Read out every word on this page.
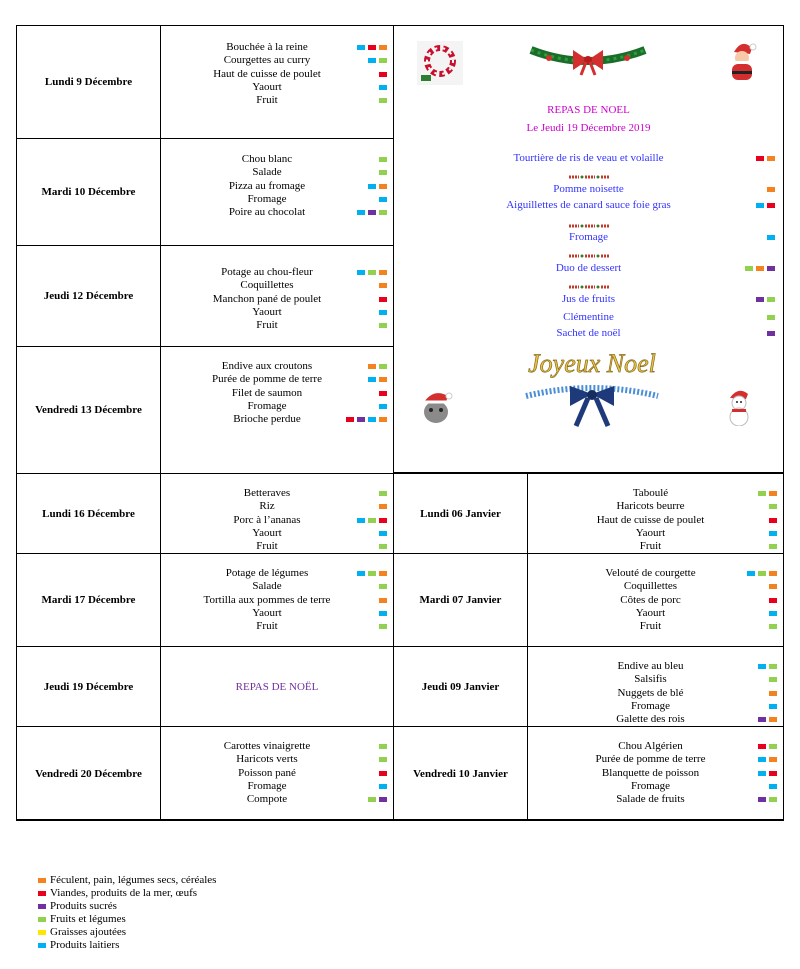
REPAS DE NOEL
Le Jeudi 19 Décembre 2019
Joyeux Noel
Tourtière de ris de veau et volaille
Pomme noisette
Aiguillettes de canard sauce foie gras
Fromage
Duo de dessert
Jus de fruits
Clémentine
Sachet de noël
Lundi 9 Décembre
Bouchée à la reine
Courgettes au curry
Haut de cuisse de poulet
Yaourt
Fruit
Mardi 10 Décembre
Chou blanc
Salade
Pizza au fromage
Fromage
Poire au chocolat
Jeudi 12 Décembre
Potage au chou-fleur
Coquillettes
Manchon pané de poulet
Yaourt
Fruit
Vendredi 13 Décembre
Endive aux croutons
Purée de pomme de terre
Filet de saumon
Fromage
Brioche perdue
Lundi 16 Décembre
Betteraves
Riz
Porc à l’ananas
Yaourt
Fruit
Mardi 17 Décembre
Potage de légumes
Salade
Tortilla aux pommes de terre
Yaourt
Fruit
Jeudi 19 Décembre	REPAS DE NOËL
Vendredi 20 Décembre
Carottes vinaigrette
Haricots verts
Poisson pané
Fromage
Compote
Lundi 06 Janvier
Taboulé
Haricots beurre
Haut de cuisse de poulet
Yaourt
Fruit
Mardi 07 Janvier
Velouté de courgette
Coquillettes
Côtes de porc
Yaourt
Fruit
Jeudi 09 Janvier
Endive au bleu
Salsifis
Nuggets de blé
Fromage
Galette des rois
Vendredi 10 Janvier
Chou Algérien
Purée de pomme de terre
Blanquette de poisson
Fromage
Salade de fruits
Féculent, pain, légumes secs, céréales
Viandes, produits de la mer, œufs
Produits sucrés
Fruits et légumes
Graisses ajoutées
Produits laitiers
